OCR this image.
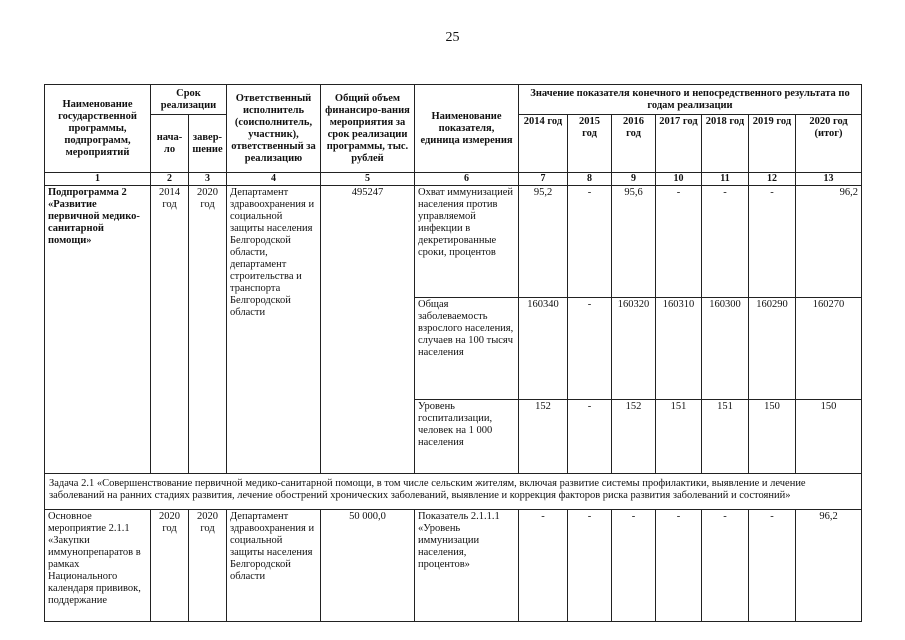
25
Наименование государственной программы, подпрограмм, мероприятий	Срок реализации		Ответственный исполнитель (соисполнитель, участник), ответственный за реализацию	Общий объем финансиро-вания мероприятия за срок реализации программы, тыс. рублей	Наименование показателя, единица измерения	Значение показателя конечного и непосредственного результата по годам реализации						
	нача-ло	завер-шение				2014 год	2015 год	2016 год	2017 год	2018 год	2019 год	2020 год (итог)
1	2	3	4	5	6	7	8	9	10	11	12	13
Подпрограмма 2 «Развитие первичной медико-санитарной помощи»	2014 год	2020 год	Департамент здравоохранения и социальной защиты населения Белгородской области, департамент строительства и транспорта Белгородской области	495247	Охват иммунизацией населения против управляемой инфекции в декретированные сроки, процентов	95,2	-	95,6	-	-	-	96,2
					Общая заболеваемость взрослого населения, случаев на 100 тысяч населения	160340	-	160320	160310	160300	160290	160270
					Уровень госпитализации, человек на 1 000 населения	152	-	152	151	151	150	150
Задача 2.1 «Совершенствование первичной медико-санитарной помощи, в том числе сельским жителям, включая развитие системы профилактики, выявление и лечение заболеваний на ранних стадиях развития, лечение обострений хронических заболеваний, выявление и коррекция факторов риска развития заболеваний и состояний»												
Основное мероприятие 2.1.1 «Закупки иммунопрепаратов в рамках Национального календаря прививок, поддержание	2020 год	2020 год	Департамент здравоохранения и социальной защиты населения Белгородской области	50 000,0	Показатель 2.1.1.1 «Уровень иммунизации населения, процентов»	-	-	-	-	-	-	96,2
